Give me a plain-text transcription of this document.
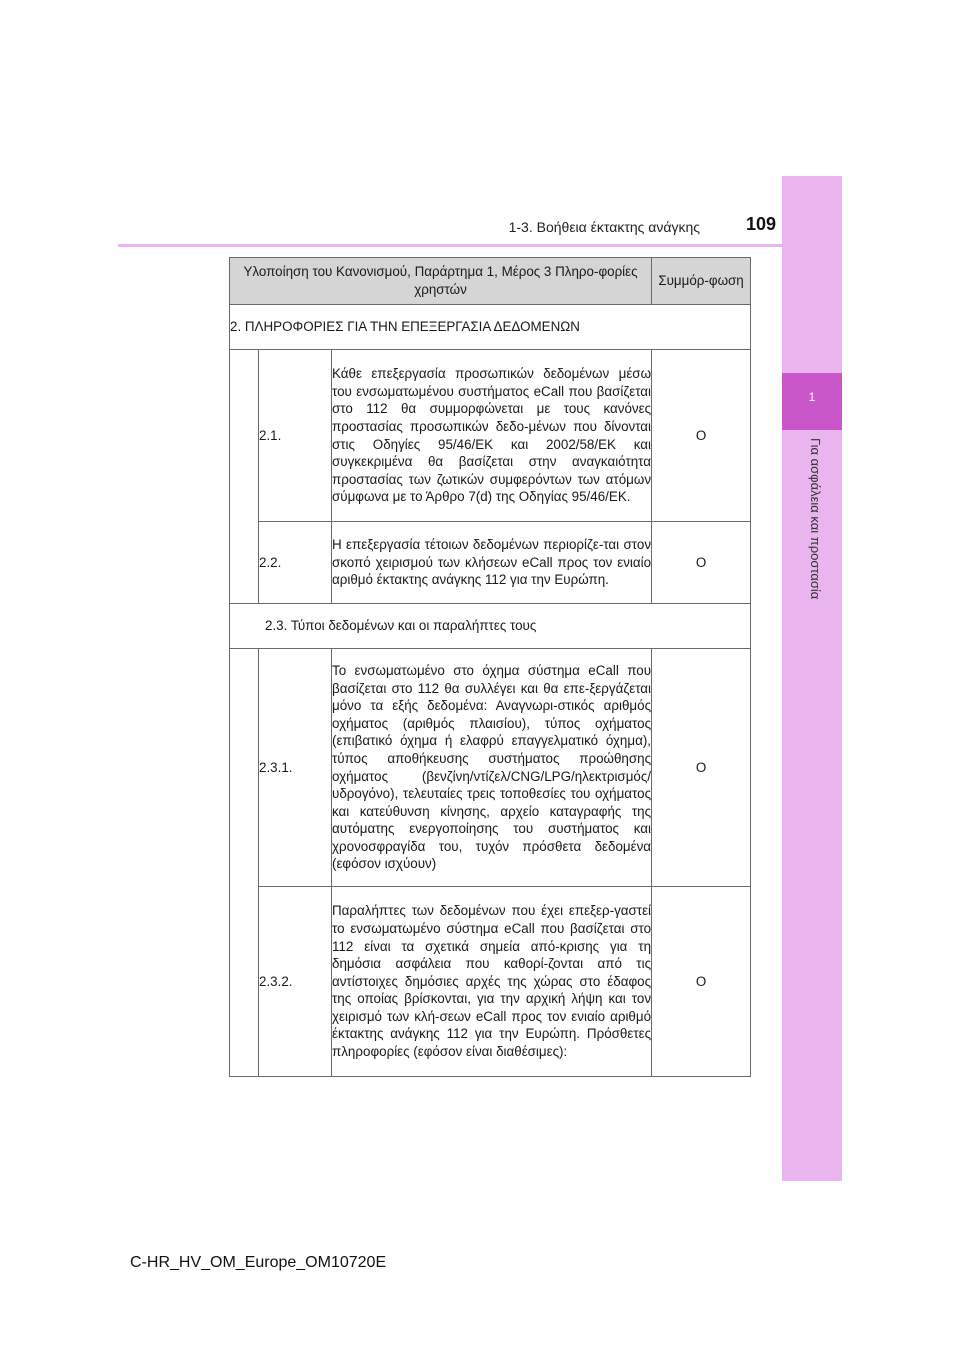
1
Για ασφάλεια και προστασία
1-3. Βοήθεια έκτακτης ανάγκης	109
Υλοποίηση του Κανονισμού, Παράρτημα 1, Μέρος 3 Πληρο-φορίες χρηστών			Συμμόρ-φωση
2. ΠΛΗΡΟΦΟΡΙΕΣ ΓΙΑ ΤΗΝ ΕΠΕΞΕΡΓΑΣΙΑ ΔΕΔΟΜΕΝΩΝ			
	2.1.	Κάθε επεξεργασία προσωπικών δεδομένων μέσω του ενσωματωμένου συστήματος eCall που βασίζεται στο 112 θα συμμορφώνεται με τους κανόνες προστασίας προσωπικών δεδο-μένων που δίνονται στις Οδηγίες 95/46/ΕΚ και 2002/58/ΕΚ και συγκεκριμένα θα βασίζεται στην αναγκαιότητα προστασίας των ζωτικών συμφερόντων των ατόμων σύμφωνα με το Άρθρο 7(d) της Οδηγίας 95/46/ΕΚ.	O
	2.2.	Η επεξεργασία τέτοιων δεδομένων περιορίζε-ται στον σκοπό χειρισμού των κλήσεων eCall προς τον ενιαίο αριθμό έκτακτης ανάγκης 112 για την Ευρώπη.	O
2.3. Τύποι δεδομένων και οι παραλήπτες τους			
	2.3.1.	Το ενσωματωμένο στο όχημα σύστημα eCall που βασίζεται στο 112 θα συλλέγει και θα επε-ξεργάζεται μόνο τα εξής δεδομένα: Αναγνωρι-στικός αριθμός οχήματος (αριθμός πλαισίου), τύπος οχήματος (επιβατικό όχημα ή ελαφρύ επαγγελματικό όχημα), τύπος αποθήκευσης συστήματος προώθησης οχήματος (βενζίνη/ντίζελ/CNG/LPG/ηλεκτρισμός/υδρογόνο), τελευταίες τρεις τοποθεσίες του οχήματος και κατεύθυνση κίνησης, αρχείο καταγραφής της αυτόματης ενεργοποίησης του συστήματος και χρονοσφραγίδα του, τυχόν πρόσθετα δεδομένα (εφόσον ισχύουν)	O
	2.3.2.	Παραλήπτες των δεδομένων που έχει επεξερ-γαστεί το ενσωματωμένο σύστημα eCall που βασίζεται στο 112 είναι τα σχετικά σημεία από-κρισης για τη δημόσια ασφάλεια που καθορί-ζονται από τις αντίστοιχες δημόσιες αρχές της χώρας στο έδαφος της οποίας βρίσκονται, για την αρχική λήψη και τον χειρισμό των κλή-σεων eCall προς τον ενιαίο αριθμό έκτακτης ανάγκης 112 για την Ευρώπη. Πρόσθετες πληροφορίες (εφόσον είναι διαθέσιμες):	O
C-HR_HV_OM_Europe_OM10720E
